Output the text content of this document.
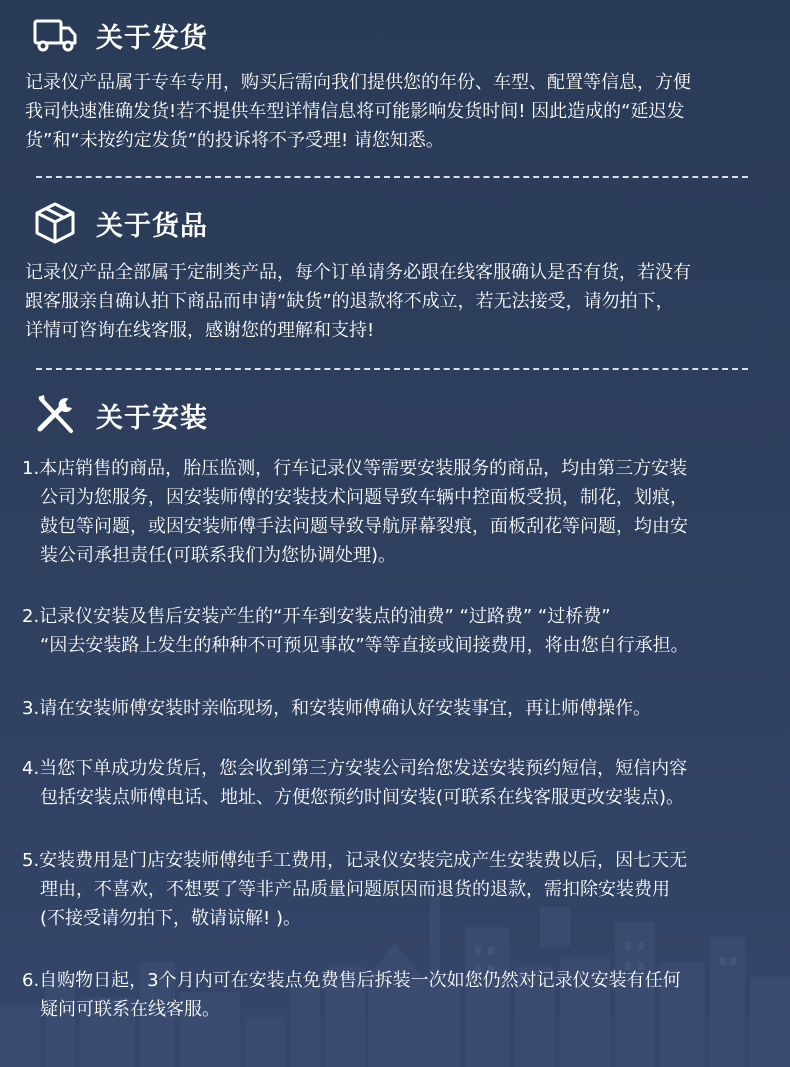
关于发货
记录仪产品属于专车专用，购买后需向我们提供您的年份、车型、配置等信息，方便
我司快速准确发货!若不提供车型详情信息将可能影响发货时间! 因此造成的“延迟发
货”和“未按约定发货”的投诉将不予受理! 请您知悉。
关于货品
记录仪产品全部属于定制类产品，每个订单请务必跟在线客服确认是否有货，若没有
跟客服亲自确认拍下商品而申请“缺货”的退款将不成立，若无法接受，请勿拍下，
详情可咨询在线客服，感谢您的理解和支持!
关于安装
1.本店销售的商品，胎压监测，行车记录仪等需要安装服务的商品，均由第三方安装
公司为您服务，因安装师傅的安装技术问题导致车辆中控面板受损，制花，划痕，
鼓包等问题，或因安装师傅手法问题导致导航屏幕裂痕，面板刮花等问题，均由安
装公司承担责任(可联系我们为您协调处理)。
2.记录仪安装及售后安装产生的“开车到安装点的油费” “过路费” “过桥费”
“因去安装路上发生的种种不可预见事故”等等直接或间接费用，将由您自行承担。
3.请在安装师傅安装时亲临现场，和安装师傅确认好安装事宜，再让师傅操作。
4.当您下单成功发货后，您会收到第三方安装公司给您发送安装预约短信，短信内容
包括安装点师傅电话、地址、方便您预约时间安装(可联系在线客服更改安装点)。
5.安装费用是门店安装师傅纯手工费用，记录仪安装完成产生安装费以后，因七天无
理由，不喜欢，不想要了等非产品质量问题原因而退货的退款，需扣除安装费用
(不接受请勿拍下，敬请谅解! )。
6.自购物日起，3个月内可在安装点免费售后拆装一次如您仍然对记录仪安装有任何
疑问可联系在线客服。
